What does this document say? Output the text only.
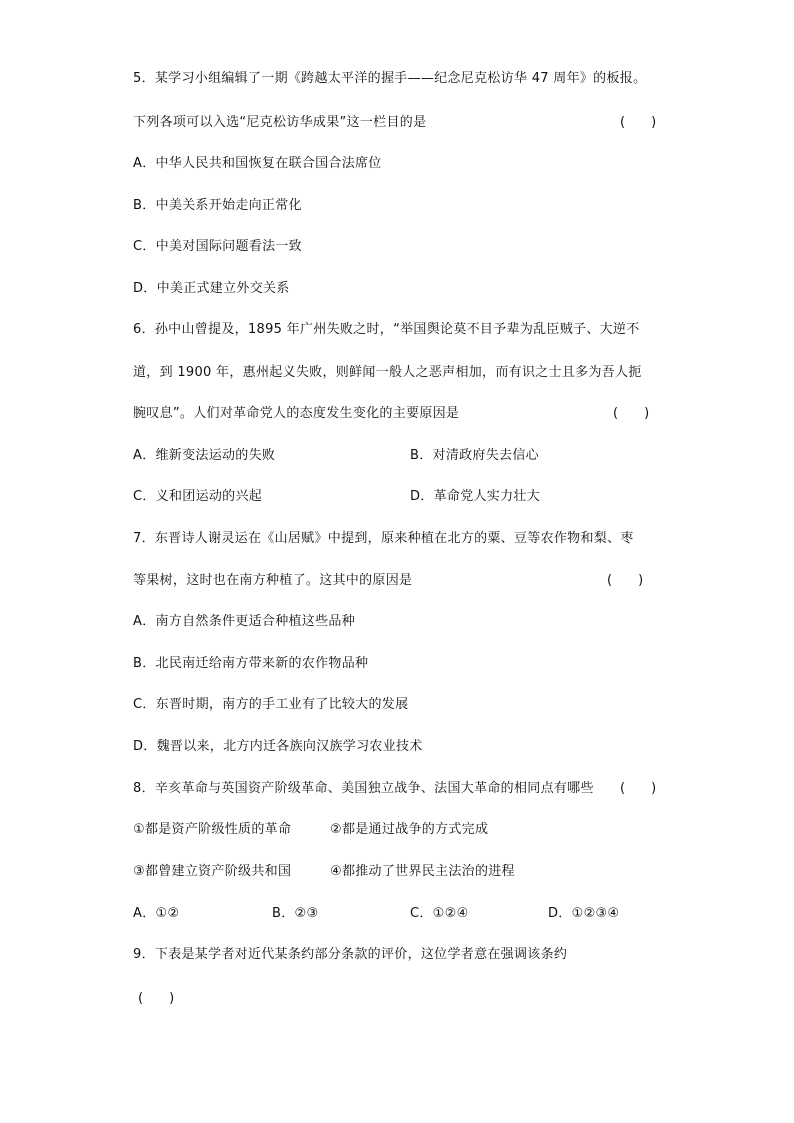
5．某学习小组编辑了一期《跨越太平洋的握手——纪念尼克松访华 47 周年》的板报。
下列各项可以入选“尼克松访华成果”这一栏目的是	(　　)
A．中华人民共和国恢复在联合国合法席位
B．中美关系开始走向正常化
C．中美对国际问题看法一致
D．中美正式建立外交关系
6．孙中山曾提及，1895 年广州失败之时，“举国舆论莫不目予辈为乱臣贼子、大逆不
道，到 1900 年，惠州起义失败，则鲜闻一般人之恶声相加，而有识之士且多为吾人扼
腕叹息”。人们对革命党人的态度发生变化的主要原因是	(　　)
A．维新变法运动的失败	B．对清政府失去信心
C．义和团运动的兴起	D．革命党人实力壮大
7．东晋诗人谢灵运在《山居赋》中提到，原来种植在北方的粟、豆等农作物和梨、枣
等果树，这时也在南方种植了。这其中的原因是	(　　)
A．南方自然条件更适合种植这些品种
B．北民南迁给南方带来新的农作物品种
C．东晋时期，南方的手工业有了比较大的发展
D．魏晋以来，北方内迁各族向汉族学习农业技术
8．辛亥革命与英国资产阶级革命、美国独立战争、法国大革命的相同点有哪些 (　　)
①都是资产阶级性质的革命	②都是通过战争的方式完成
③都曾建立资产阶级共和国	④都推动了世界民主法治的进程
A．①②	B．②③	C．①②④	D．①②③④
9．下表是某学者对近代某条约部分条款的评价，这位学者意在强调该条约
(　　)
